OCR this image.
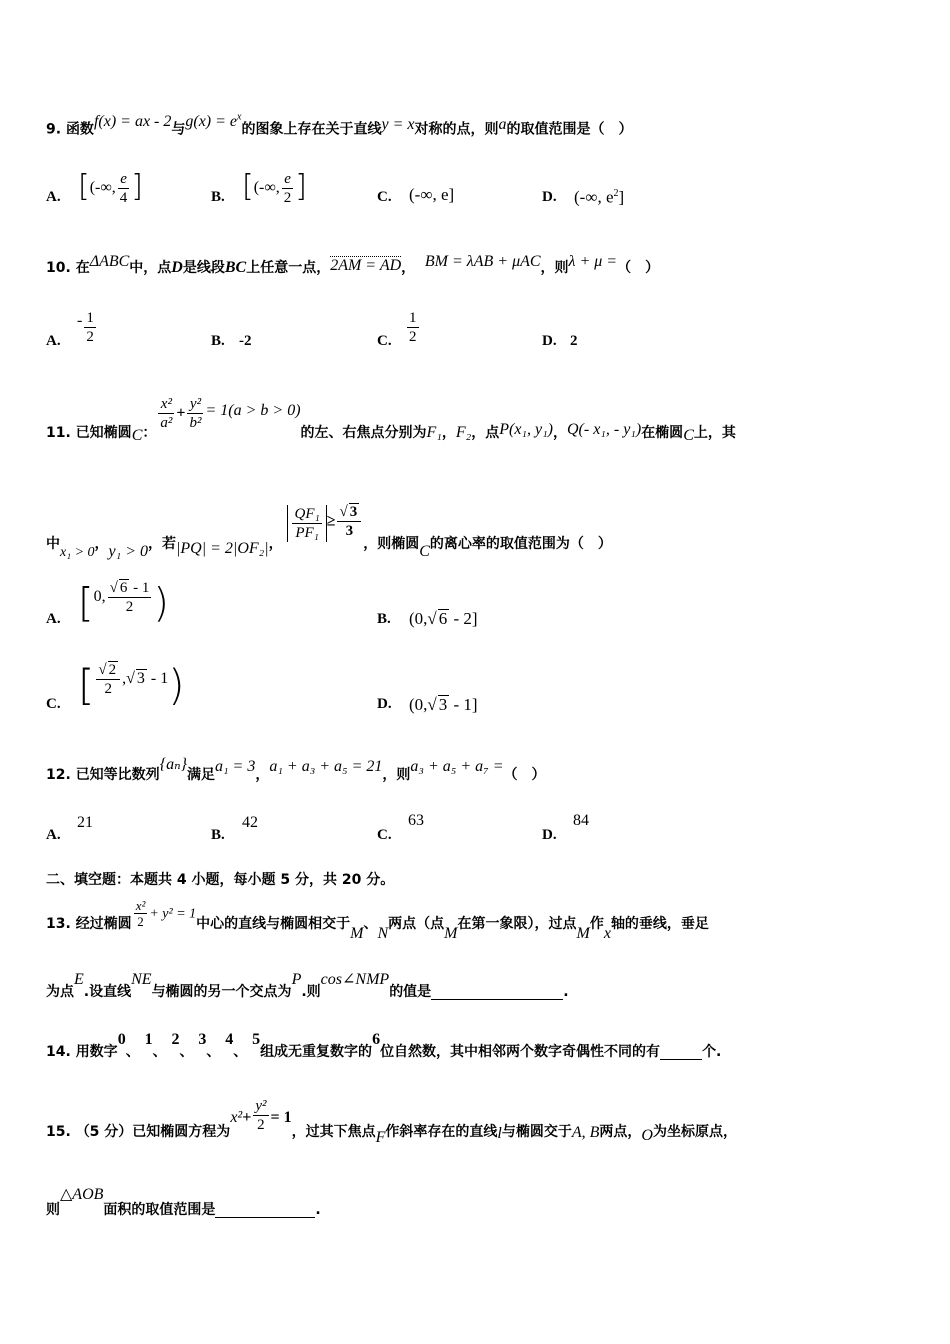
9. 函数f(x) = ax - 2与$g(x) = e^x$的图象上存在关于直线y = x对称的点，则a的取值范围是（　）
A. [(-∞, $\frac{e}{4}$ ]	B. [(-∞, $\frac{e}{2}$ ]	C. (-∞, e]	D. (-∞, $e^2$]
10. 在ΔABC中，点D是线段BC上任意一点，2AM = AD， BM = λAB + μAC，则λ + μ =（　）
A.
- $\frac{1}{2}$	B. -2	C. $\frac{1}{2}$	D. 2
11. 已知椭圆C：
$\frac{\text{x²}}{\text{a²}} + \frac{\text{y²}}{\text{b²}} = 1(a > b > 0)$的左、右焦点分别为F₁，F₂，点P(x₁, y₁)，Q(- x₁, - y₁)在椭圆C上，其
中x₁ > 0，y₁ > 0，若|PQ| = 2|OF₂|，
$\frac{\text{QF₁}}{\text{PF₁}} \ge \frac{√ 3}{3}$
，则椭圆C的离心率的取值范围为（　）
A. [0, $\frac{√ 6 - 1}{2}$ )	B. (0,√ 6 - 2]
C. [ $\frac{√ 2}{2}$ ,√ 3 - 1)	D. (0,√ 3 - 1]
12. 已知等比数列{aₙ}满足a₁ = 3，a₁ + a₃ + a₅ = 21，则a₃ + a₅ + a₇ =（　）
A.
21
B.
42
C.
63
D.
84
二、填空题：本题共 4 小题，每小题 5 分，共 20 分。
13. 经过椭圆 $\frac{\text{x²}}{2} + y^2 = 1$中心的直线与椭圆相交于M、N两点（点M在第一象限），过点M作x轴的垂线，垂足
为点E.设直线NE与椭圆的另一个交点为P.则cos∠NMP的值是	.
14. 用数字0、 1、 2、 3、 4、 5组成无重复数字的6位自然数，其中相邻两个数字奇偶性不同的有	个.
15. （5 分）已知椭圆方程为$x^2+ \frac{\text{y²}}{2} = 1$，过其下焦点F作斜率存在的直线l与椭圆交于A, B两点，O为坐标原点，
则△AOB面积的取值范围是	.
